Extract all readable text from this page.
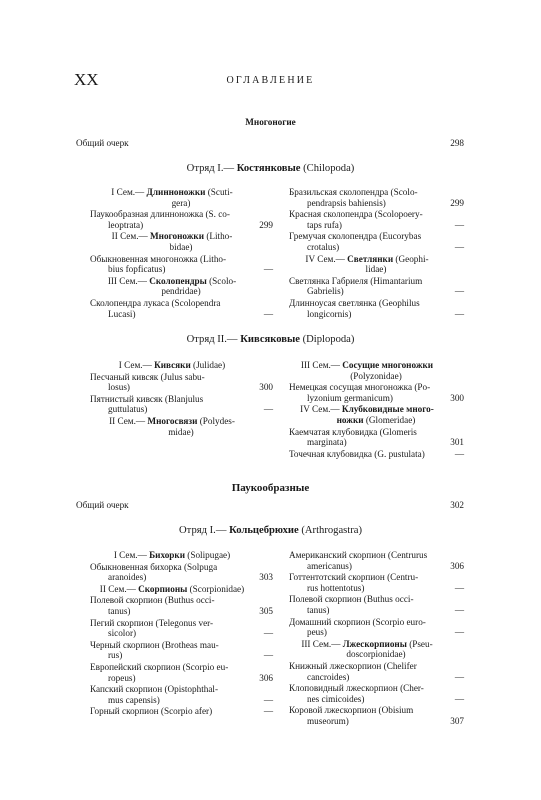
XX	ОГЛАВЛЕНИЕ
Многоногие
Общий очерк	298
Отряд I.— Костянковые (Chilopoda)
I Сем.— Длинноножки (Scuti-
gera)
Паукообразная длинноножка (S. co-
leoptrata)	299
II Сем.— Многоножки (Litho-
bidae)
Обыкновенная многоножка (Litho-
bius fopficatus)	—
III Сем.— Сколопендры (Scolo-
pendridae)
Сколопендра лукаса (Scolopendra
Lucasi)	—
Бразильская сколопендра (Scolo-
pendrapsis bahiensis)	299
Красная сколопендра (Scolopoery-
taps rufa)	—
Гремучая сколопендра (Eucorybas
crotalus)	—
IV Сем.— Светлянки (Geophi-
lidae)
Светлянка Габриеля (Himantarium
Gabrielis)	—
Длинноусая светлянка (Geophilus
longicornis)	—
Отряд II.— Кивсяковые (Diplopoda)
I Сем.— Кивсяки (Julidae)
Песчаный кивсяк (Julus sabu-
losus)	300
Пятнистый кивсяк (Blanjulus
guttulatus)	—
II Сем.— Многосвязи (Polydes-
midae)
III Сем.— Сосущие многоножки
(Polyzonidae)
Немецкая сосущая многоножка (Po-
lyzonium germanicum)	300
IV Сем.— Клубковидные много-
ножки (Glomeridae)
Каемчатая клубовидка (Glomeris
marginata)	301
Точечная клубовидка (G. pustulata)	—
Паукообразные
Общий очерк	302
Отряд I.— Кольцебрюхие (Arthrogastra)
I Сем.— Бихорки (Solipugae)
Обыкновенная бихорка (Solpuga
aranoides)	303
II Сем.— Скорпионы (Scorpionidae)
Полевой скорпион (Buthus occi-
tanus)	305
Пегий скорпион (Telegonus ver-
sicolor)	—
Черный скорпион (Brotheas mau-
rus)	—
Европейский скорпион (Scorpio eu-
ropeus)	306
Капский скорпион (Opistophthal-
mus capensis)	—
Горный скорпион (Scorpio afer)	—
Американский скорпион (Centrurus
americanus)	306
Готтентотский скорпион (Centru-
rus hottentotus)	—
Полевой скорпион (Buthus occi-
tanus)	—
Домашний скорпион (Scorpio euro-
peus)	—
III Сем.— Лжескорпионы (Pseu-
doscorpionidae)
Книжный лжескорпион (Chelifer
cancroides)	—
Клоповидный лжескорпион (Cher-
nes cimicoides)	—
Коровой лжескорпион (Obisium
museorum)	307
